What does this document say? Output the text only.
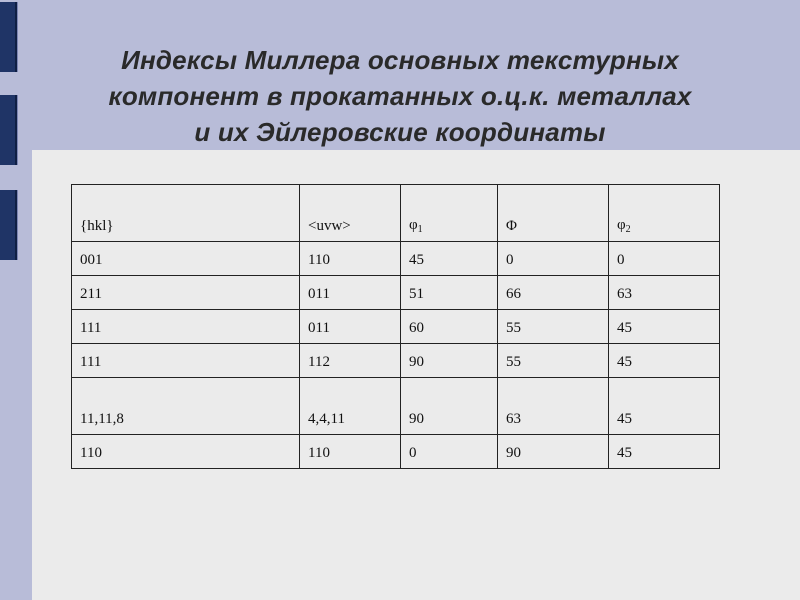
Индексы Миллера основных текстурных
компонент в прокатанных о.ц.к. металлах
и их Эйлеровские координаты
{hkl}	<uvw>	$\varphi_1$	Φ	$\varphi_2$
001	110	45	0	0
211	011	51	66	63
111	011	60	55	45
111	112	90	55	45
11,11,8	4,4,11	90	63	45
110	110	0	90	45
